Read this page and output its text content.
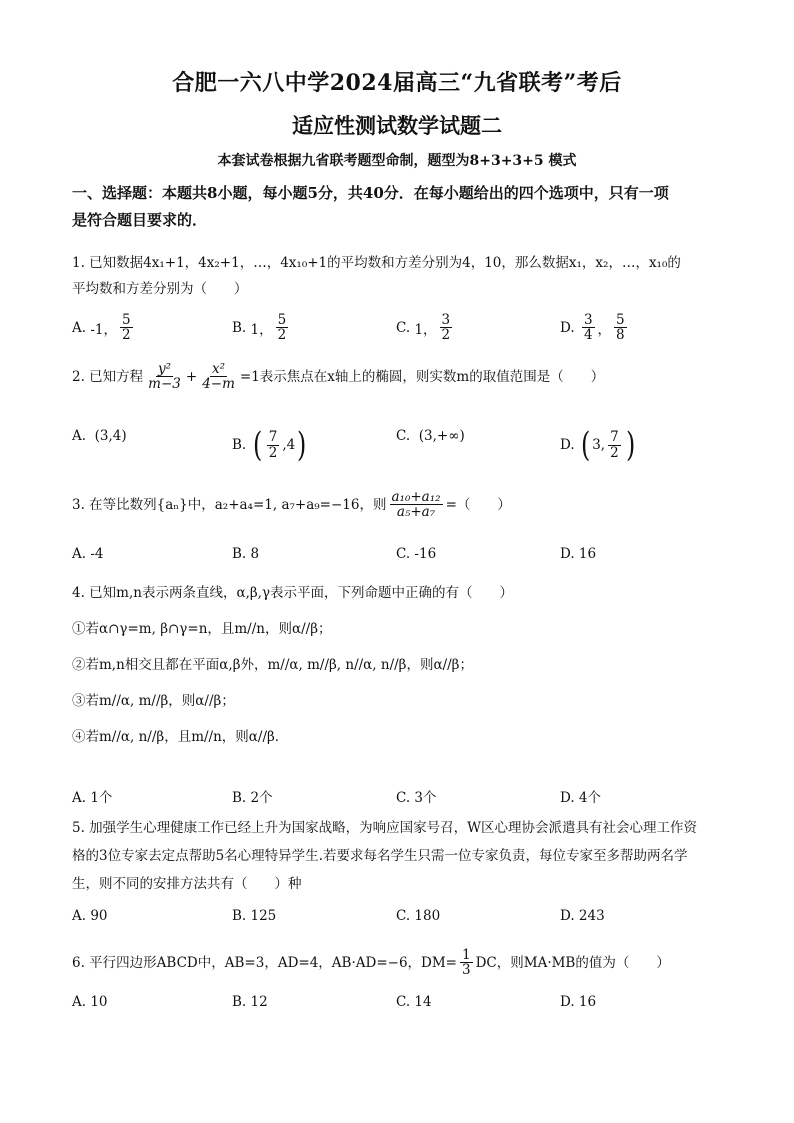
合肥一六八中学2024届高三“九省联考”考后
适应性测试数学试题二
本套试卷根据九省联考题型命制，题型为8+3+3+5 模式
一、选择题：本题共8小题，每小题5分，共40分．在每小题给出的四个选项中，只有一项
是符合题目要求的．
1. 已知数据4x₁+1，4x₂+1，…，4x₁₀+1的平均数和方差分别为4，10，那么数据x₁，x₂，…，x₁₀的
平均数和方差分别为（　　）
A.
-1， $\frac{5}{2}$	B.
1， $\frac{5}{2}$	C.
1， $\frac{3}{2}$	D.
$\frac{3}{4}$ ， $\frac{5}{8}$
2. 已知方程 $\frac{\text{y²}}{m-3} + \frac{\text{x²}}{4-m} =1$表示焦点在x轴上的椭圆，则实数m的取值范围是（　　）
A.
(3,4)
B.
( $\frac{7}{2} ,4$ )	C.
(3,+∞)
D.
( 3, $\frac{7}{2}$ )
3. 在等比数列{aₙ}中，a₂+a₄=1, a₇+a₉=−16，则 $\frac{\text{a₁₀+a₁₂}}{\text{a₅+a₇}}$ =（　　）
A. -4	B. 8	C. -16	D. 16
4. 已知m,n表示两条直线，α,β,γ表示平面，下列命题中正确的有（　　）
①若α∩γ=m, β∩γ=n，且m//n，则α//β；
②若m,n相交且都在平面α,β外，m//α, m//β, n//α, n//β，则α//β；
③若m//α, m//β，则α//β；
④若m//α, n//β，且m//n，则α//β．
A. 1个	B. 2个	C. 3个	D. 4个
5. 加强学生心理健康工作已经上升为国家战略，为响应国家号召，W区心理协会派遣具有社会心理工作资
格的3位专家去定点帮助5名心理特异学生.若要求每名学生只需一位专家负责，每位专家至多帮助两名学
生，则不同的安排方法共有（　　）种
A. 90	B. 125	C. 180	D. 243
6. 平行四边形ABCD中，AB=3，AD=4，AB·AD=−6，$DM= \frac{1}{3}$ DC，则MA·MB的值为（　　）
A. 10	B. 12	C. 14	D. 16
